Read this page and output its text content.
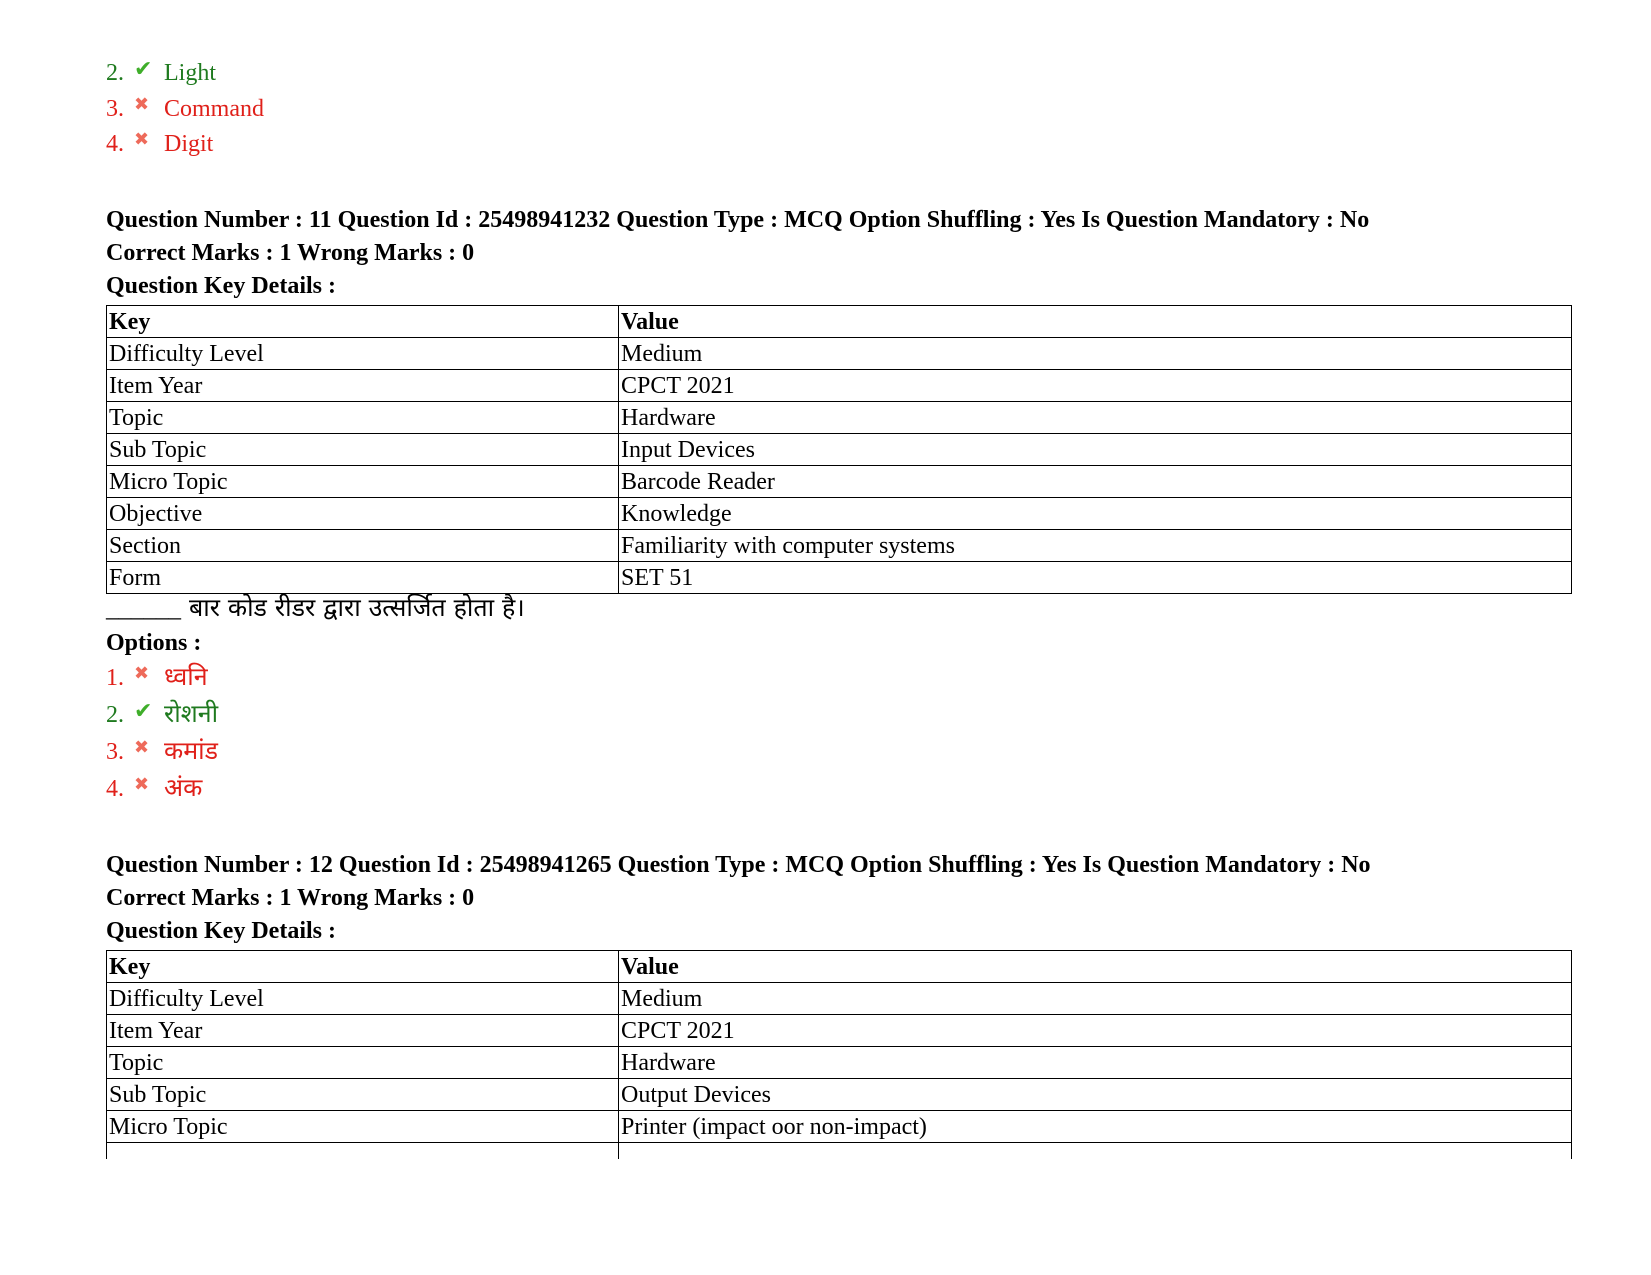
2. ✔ Light
3. ✖ Command
4. ✖ Digit
Question Number : 11 Question Id : 25498941232 Question Type : MCQ Option Shuffling : Yes Is Question Mandatory : No
Correct Marks : 1 Wrong Marks : 0
Question Key Details :
Key	Value
Difficulty Level	Medium
Item Year	CPCT 2021
Topic	Hardware
Sub Topic	Input Devices
Micro Topic	Barcode Reader
Objective	Knowledge
Section	Familiarity with computer systems
Form	SET 51
______ बार कोड रीडर द्वारा उत्सर्जित होता है।
Options :
1. ✖ ध्वनि
2. ✔ रोशनी
3. ✖ कमांड
4. ✖ अंक
Question Number : 12 Question Id : 25498941265 Question Type : MCQ Option Shuffling : Yes Is Question Mandatory : No
Correct Marks : 1 Wrong Marks : 0
Question Key Details :
Key	Value
Difficulty Level	Medium
Item Year	CPCT 2021
Topic	Hardware
Sub Topic	Output Devices
Micro Topic	Printer (impact oor non-impact)
